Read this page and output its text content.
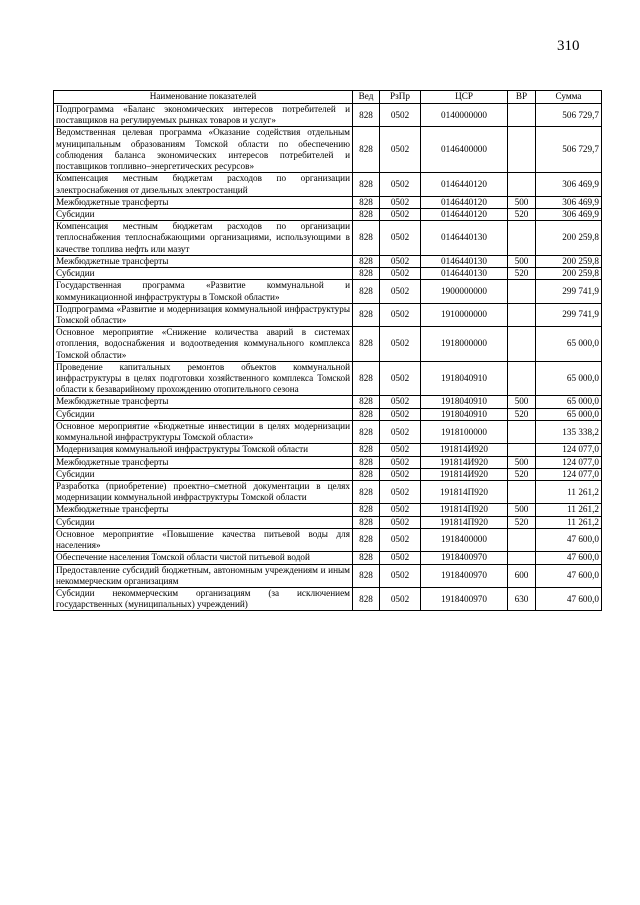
310
Наименование показателей	Вед	РзПр	ЦСР	ВР	Сумма
Подпрограмма «Баланс экономических интересов потребителей и поставщиков на регулируемых рынках товаров и услуг»	828	0502	0140000000		506 729,7
Ведомственная целевая программа «Оказание содействия отдельным муниципальным образованиям Томской области по обеспечению соблюдения баланса экономических интересов потребителей и поставщиков топливно–энергетических ресурсов»	828	0502	0146400000		506 729,7
Компенсация местным бюджетам расходов по организации электроснабжения от дизельных электростанций	828	0502	0146440120		306 469,9
Межбюджетные трансферты	828	0502	0146440120	500	306 469,9
Субсидии	828	0502	0146440120	520	306 469,9
Компенсация местным бюджетам расходов по организации теплоснабжения теплоснабжающими организациями, использующими в качестве топлива нефть или мазут	828	0502	0146440130		200 259,8
Межбюджетные трансферты	828	0502	0146440130	500	200 259,8
Субсидии	828	0502	0146440130	520	200 259,8
Государственная программа «Развитие коммунальной и коммуникационной инфраструктуры в Томской области»	828	0502	1900000000		299 741,9
Подпрограмма «Развитие и модернизация коммунальной инфраструктуры Томской области»	828	0502	1910000000		299 741,9
Основное мероприятие «Снижение количества аварий в системах отопления, водоснабжения и водоотведения коммунального комплекса Томской области»	828	0502	1918000000		65 000,0
Проведение капитальных ремонтов объектов коммунальной инфраструктуры в целях подготовки хозяйственного комплекса Томской области к безаварийному прохождению отопительного сезона	828	0502	1918040910		65 000,0
Межбюджетные трансферты	828	0502	1918040910	500	65 000,0
Субсидии	828	0502	1918040910	520	65 000,0
Основное мероприятие «Бюджетные инвестиции в целях модернизации коммунальной инфраструктуры Томской области»	828	0502	1918100000		135 338,2
Модернизация коммунальной инфраструктуры Томской области	828	0502	191814И920		124 077,0
Межбюджетные трансферты	828	0502	191814И920	500	124 077,0
Субсидии	828	0502	191814И920	520	124 077,0
Разработка (приобретение) проектно–сметной документации в целях модернизации коммунальной инфраструктуры Томской области	828	0502	191814П920		11 261,2
Межбюджетные трансферты	828	0502	191814П920	500	11 261,2
Субсидии	828	0502	191814П920	520	11 261,2
Основное мероприятие «Повышение качества питьевой воды для населения»	828	0502	1918400000		47 600,0
Обеспечение населения Томской области чистой питьевой водой	828	0502	1918400970		47 600,0
Предоставление субсидий бюджетным, автономным учреждениям и иным некоммерческим организациям	828	0502	1918400970	600	47 600,0
Субсидии некоммерческим организациям (за исключением государственных (муниципальных) учреждений)	828	0502	1918400970	630	47 600,0
